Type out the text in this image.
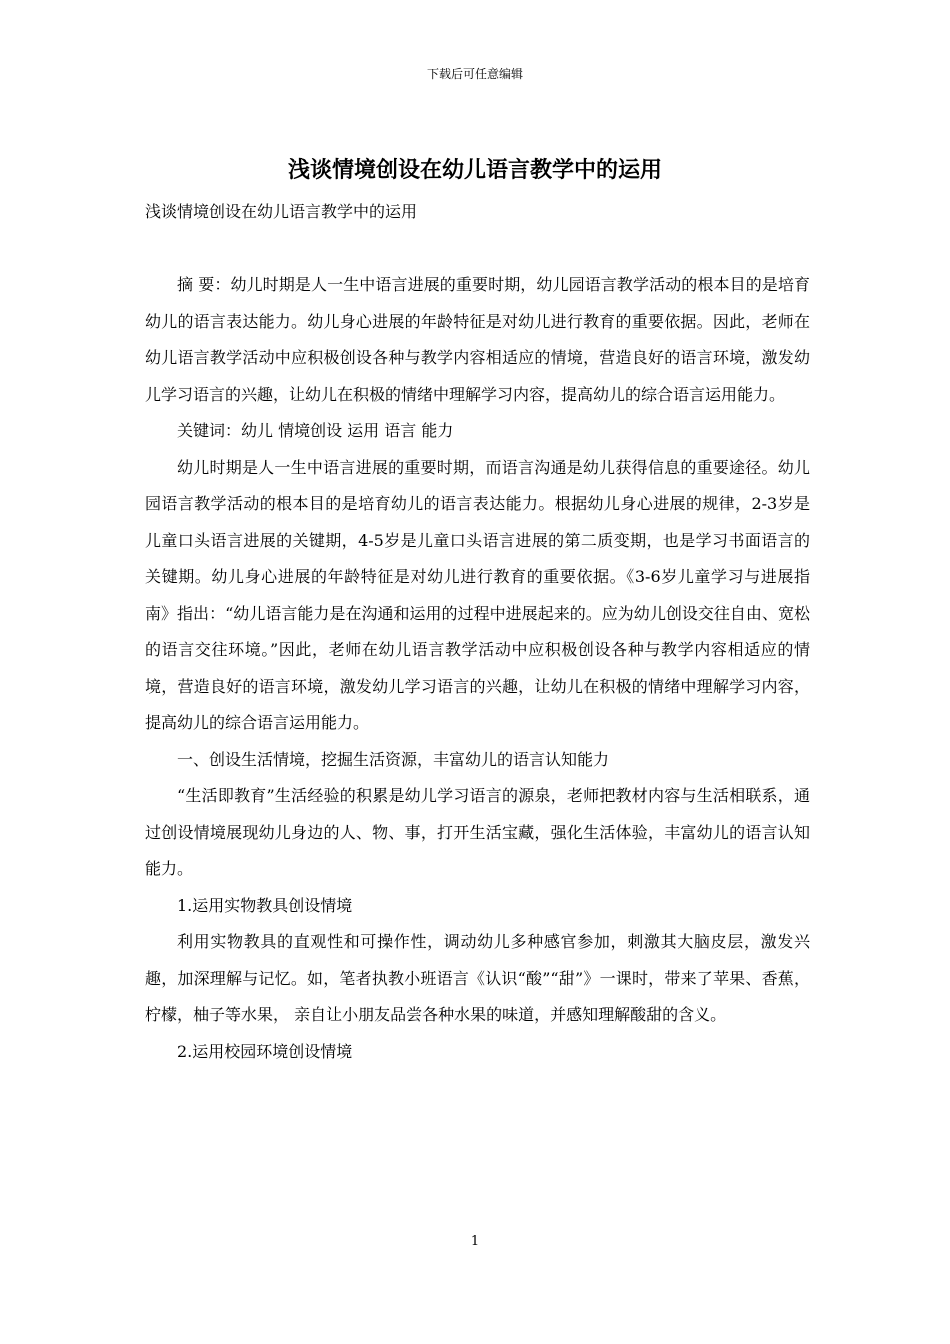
下载后可任意编辑
浅谈情境创设在幼儿语言教学中的运用
浅谈情境创设在幼儿语言教学中的运用

摘 要：幼儿时期是人一生中语言进展的重要时期，幼儿园语言教学活动的根本目的是培育幼儿的语言表达能力。幼儿身心进展的年龄特征是对幼儿进行教育的重要依据。因此，老师在幼儿语言教学活动中应积极创设各种与教学内容相适应的情境，营造良好的语言环境，激发幼儿学习语言的兴趣，让幼儿在积极的情绪中理解学习内容，提高幼儿的综合语言运用能力。

关键词：幼儿 情境创设 运用 语言 能力

幼儿时期是人一生中语言进展的重要时期，而语言沟通是幼儿获得信息的重要途径。幼儿园语言教学活动的根本目的是培育幼儿的语言表达能力。根据幼儿身心进展的规律，2-3岁是儿童口头语言进展的关键期，4-5岁是儿童口头语言进展的第二质变期，也是学习书面语言的关键期。幼儿身心进展的年龄特征是对幼儿进行教育的重要依据。《3-6岁儿童学习与进展指南》指出：“幼儿语言能力是在沟通和运用的过程中进展起来的。应为幼儿创设交往自由、宽松的语言交往环境。”因此，老师在幼儿语言教学活动中应积极创设各种与教学内容相适应的情境，营造良好的语言环境，激发幼儿学习语言的兴趣，让幼儿在积极的情绪中理解学习内容，提高幼儿的综合语言运用能力。

一、创设生活情境，挖掘生活资源，丰富幼儿的语言认知能力

“生活即教育”生活经验的积累是幼儿学习语言的源泉，老师把教材内容与生活相联系，通过创设情境展现幼儿身边的人、物、事，打开生活宝藏，强化生活体验，丰富幼儿的语言认知能力。

1.运用实物教具创设情境

利用实物教具的直观性和可操作性，调动幼儿多种感官参加，刺激其大脑皮层，激发兴趣，加深理解与记忆。如，笔者执教小班语言《认识“酸”“甜”》一课时，带来了苹果、香蕉，柠檬，柚子等水果， 亲自让小朋友品尝各种水果的味道，并感知理解酸甜的含义。

2.运用校园环境创设情境

1
